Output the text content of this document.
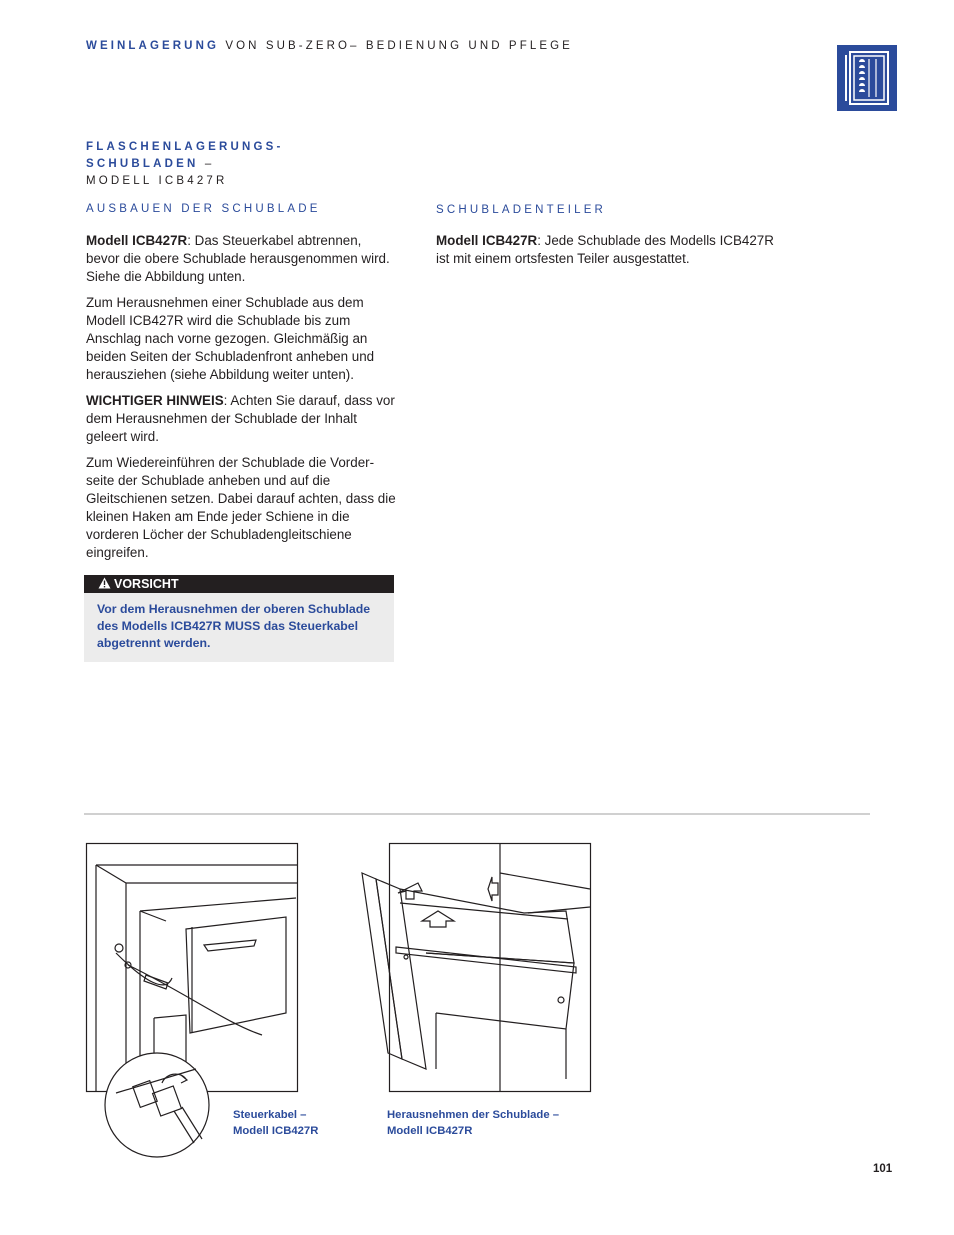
WEINLAGERUNG VON SUB-ZERO– BEDIENUNG UND PFLEGE
FLASCHENLAGERUNGS-
SCHUBLADEN –
MODELL ICB427R
AUSBAUEN DER SCHUBLADE

Modell ICB427R: Das Steuerkabel abtrennen, bevor die obere Schublade herausgenommen wird. Siehe die Abbildung unten.

Zum Herausnehmen einer Schublade aus dem Modell ICB427R wird die Schublade bis zum Anschlag nach vorne gezogen. Gleichmäßig an beiden Seiten der Schubladenfront anheben und herausziehen (siehe Abbildung weiter unten).

WICHTIGER HINWEIS: Achten Sie darauf, dass vor dem Herausnehmen der Schublade der Inhalt geleert wird.

Zum Wiedereinführen der Schublade die Vorder-seite der Schublade anheben und auf die Gleitschienen setzen. Dabei darauf achten, dass die kleinen Haken am Ende jeder Schiene in die vorderen Löcher der Schubladengleitschiene eingreifen.

VORSICHT
Vor dem Herausnehmen der oberen Schublade des Modells ICB427R MUSS das Steuerkabel abgetrennt werden.
SCHUBLADENTEILER

Modell ICB427R: Jede Schublade des Modells ICB427R ist mit einem ortsfesten Teiler ausgestattet.

Steuerkabel –
Modell ICB427R
Herausnehmen der Schublade –
Modell ICB427R
101
